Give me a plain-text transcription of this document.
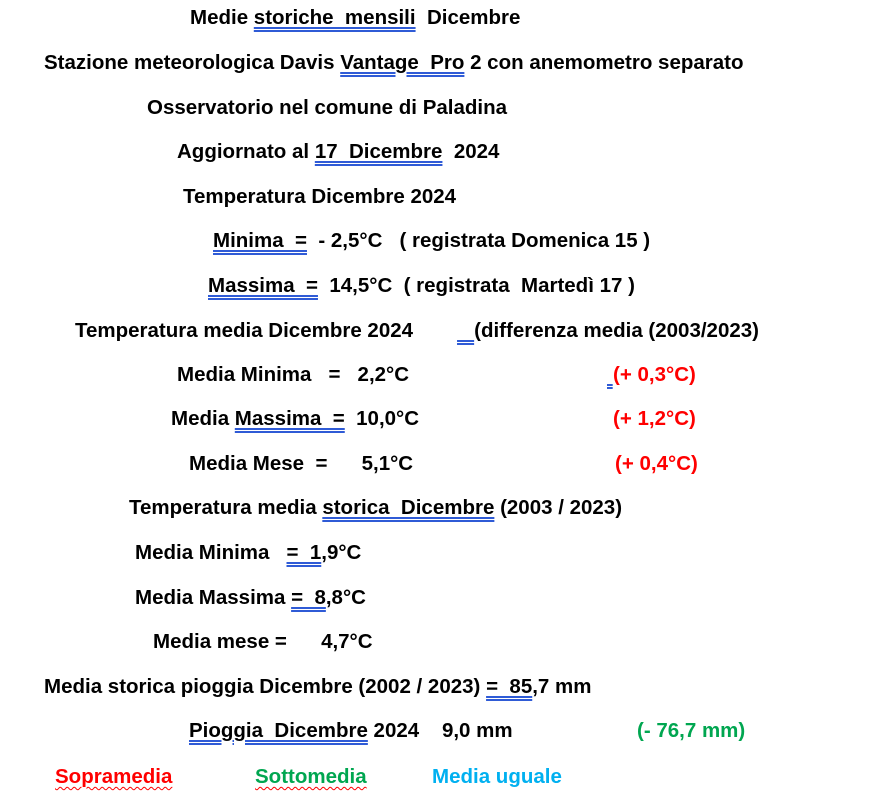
Medie storiche  mensili  Dicembre
Stazione meteorologica Davis Vantage  Pro 2 con anemometro separato
Osservatorio nel comune di Paladina
Aggiornato al 17  Dicembre  2024
Temperatura Dicembre 2024
Minima  =  - 2,5°C   ( registrata Domenica 15 )
Massima  =  14,5°C  ( registrata  Martedì 17 )
Temperatura media Dicembre 2024	(differenza media (2003/2023)
Media Minima   =   2,2°C	(+ 0,3°C)
Media Massima  =  10,0°C	(+ 1,2°C)
Media Mese  =      5,1°C	(+ 0,4°C)
Temperatura media storica  Dicembre (2003 / 2023)
Media Minima   =  1,9°C
Media Massima =  8,8°C
Media mese =      4,7°C
Media storica pioggia Dicembre (2002 / 2023) =  85,7 mm
Pioggia  Dicembre 2024    9,0 mm	(- 76,7 mm)
Sopramedia	Sottomedia	Media uguale
